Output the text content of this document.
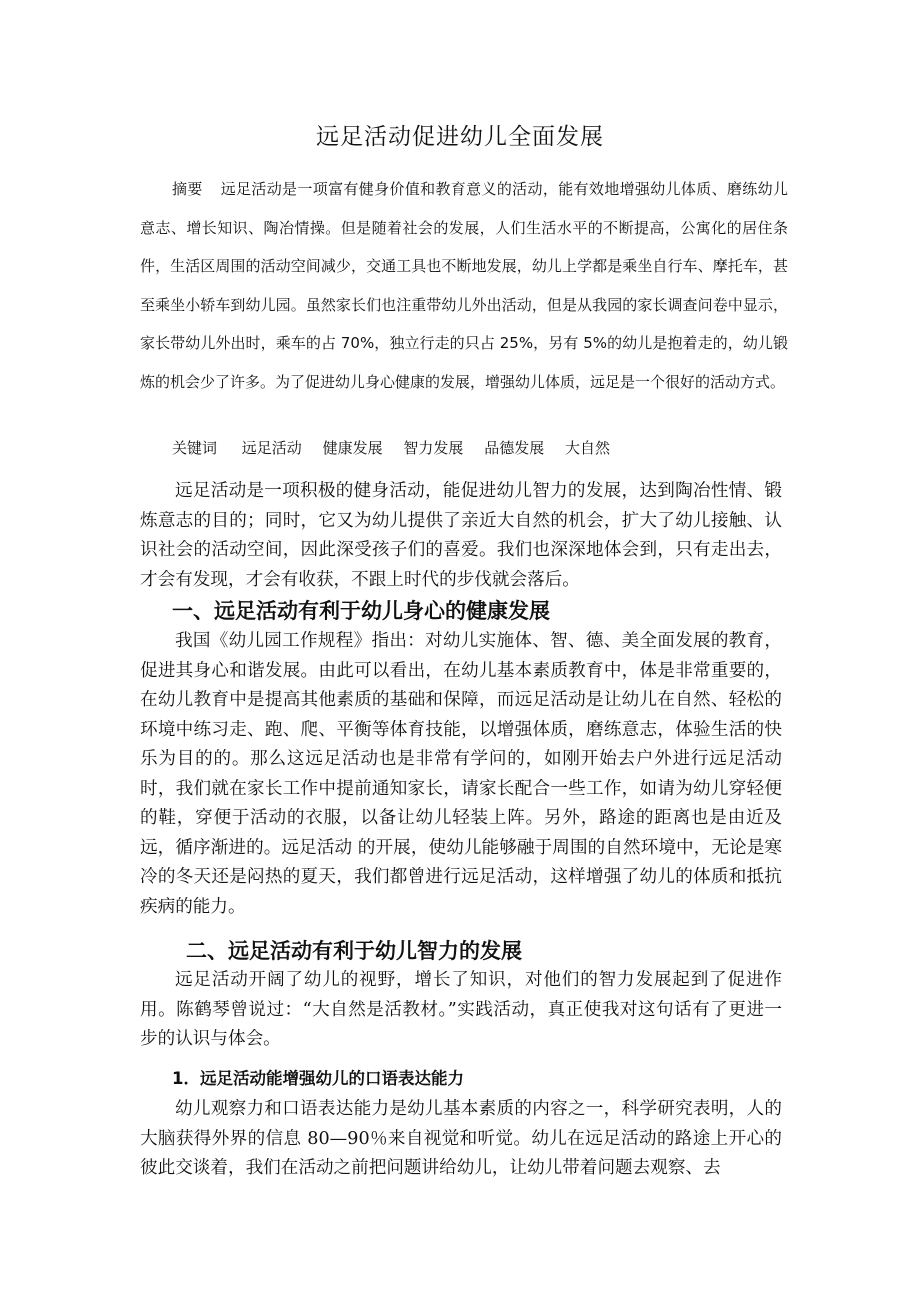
远足活动促进幼儿全面发展

摘要 远足活动是一项富有健身价值和教育意义的活动，能有效地增强幼儿体质、磨练幼儿意志、增长知识、陶冶情操。但是随着社会的发展，人们生活水平的不断提高，公寓化的居住条件，生活区周围的活动空间减少，交通工具也不断地发展，幼儿上学都是乘坐自行车、摩托车，甚至乘坐小轿车到幼儿园。虽然家长们也注重带幼儿外出活动，但是从我园的家长调查问卷中显示，家长带幼儿外出时，乘车的占 70%，独立行走的只占 25%，另有 5%的幼儿是抱着走的，幼儿锻炼的机会少了许多。为了促进幼儿身心健康的发展，增强幼儿体质，远足是一个很好的活动方式。

关键词 远足活动 健康发展 智力发展 品德发展 大自然

远足活动是一项积极的健身活动，能促进幼儿智力的发展，达到陶冶性情、锻炼意志的目的；同时，它又为幼儿提供了亲近大自然的机会，扩大了幼儿接触、认识社会的活动空间，因此深受孩子们的喜爱。我们也深深地体会到，只有走出去，才会有发现，才会有收获，不跟上时代的步伐就会落后。

一、远足活动有利于幼儿身心的健康发展

我国《幼儿园工作规程》指出：对幼儿实施体、智、德、美全面发展的教育，促进其身心和谐发展。由此可以看出，在幼儿基本素质教育中，体是非常重要的，在幼儿教育中是提高其他素质的基础和保障，而远足活动是让幼儿在自然、轻松的环境中练习走、跑、爬、平衡等体育技能，以增强体质，磨练意志，体验生活的快乐为目的的。那么这远足活动也是非常有学问的，如刚开始去户外进行远足活动时，我们就在家长工作中提前通知家长，请家长配合一些工作，如请为幼儿穿轻便的鞋，穿便于活动的衣服，以备让幼儿轻装上阵。另外，路途的距离也是由近及远，循序渐进的。远足活动 的开展，使幼儿能够融于周围的自然环境中，无论是寒冷的冬天还是闷热的夏天，我们都曾进行远足活动，这样增强了幼儿的体质和抵抗疾病的能力。

二、远足活动有利于幼儿智力的发展

远足活动开阔了幼儿的视野，增长了知识，对他们的智力发展起到了促进作用。陈鹤琴曾说过：“大自然是活教材。”实践活动，真正使我对这句话有了更进一步的认识与体会。

1．远足活动能增强幼儿的口语表达能力

幼儿观察力和口语表达能力是幼儿基本素质的内容之一，科学研究表明，人的大脑获得外界的信息 80—90％来自视觉和听觉。幼儿在远足活动的路途上开心的彼此交谈着，我们在活动之前把问题讲给幼儿，让幼儿带着问题去观察、去
